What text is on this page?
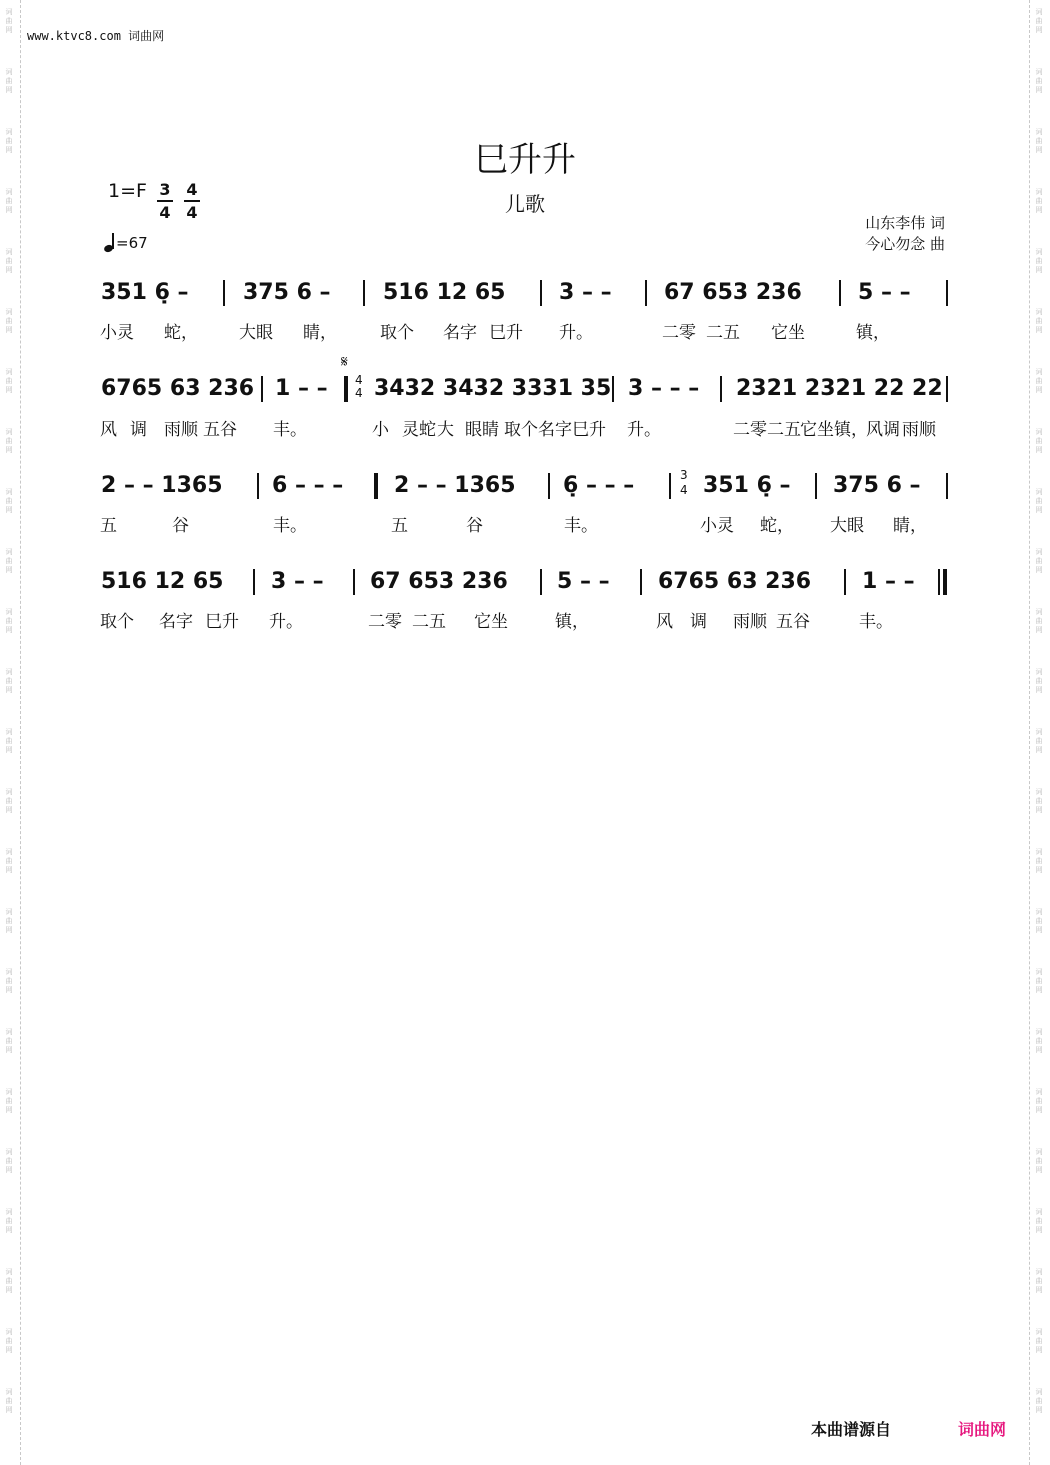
词曲网
词曲网
词曲网
词曲网
词曲网
词曲网
词曲网
词曲网
词曲网
词曲网
词曲网
词曲网
词曲网
词曲网
词曲网
词曲网
词曲网
词曲网
词曲网
词曲网
词曲网
词曲网
词曲网
词曲网
词曲网
词曲网
词曲网
词曲网
词曲网
词曲网
词曲网
词曲网
词曲网
词曲网
词曲网
词曲网
词曲网
词曲网
词曲网
词曲网
词曲网
词曲网
词曲网
词曲网
词曲网
词曲网
词曲网
词曲网
www.ktvc8.com 词曲网
巳升升
儿歌
山东李伟 词
今心勿念 曲
1=F 3
4
4
4
=67
351 6̣ – 375 6 – 516 12 65 3 – – 67 653 236	5 – –
小灵 蛇， 大眼 睛，	取个 名字 巳升 升。	二零 二五 它坐	镇，
6765 63 236 1 – –
𝄋
4
4 3432 3432 3331 35 3 – – – 2321 2321 22 22
风 调 雨顺 五谷 丰。	小 灵蛇 大 眼睛 取个名字 巳升 升。	二零二五 它坐镇，
风调 雨顺
2 – – 1365 6 – – – 2 – – 1365 6̣ – – –	3
4 351 6̣ – 375 6 –
五	谷	丰。	五	谷	丰。	小灵 蛇， 大眼 睛，
516 12 65 3 – – 67 653 236 5 – – 6765 63 236 1 – –
取个 名字 巳升 升。	二零 二五 它坐	镇，	风 调 雨顺 五谷	丰。
本曲谱源自	词曲网
